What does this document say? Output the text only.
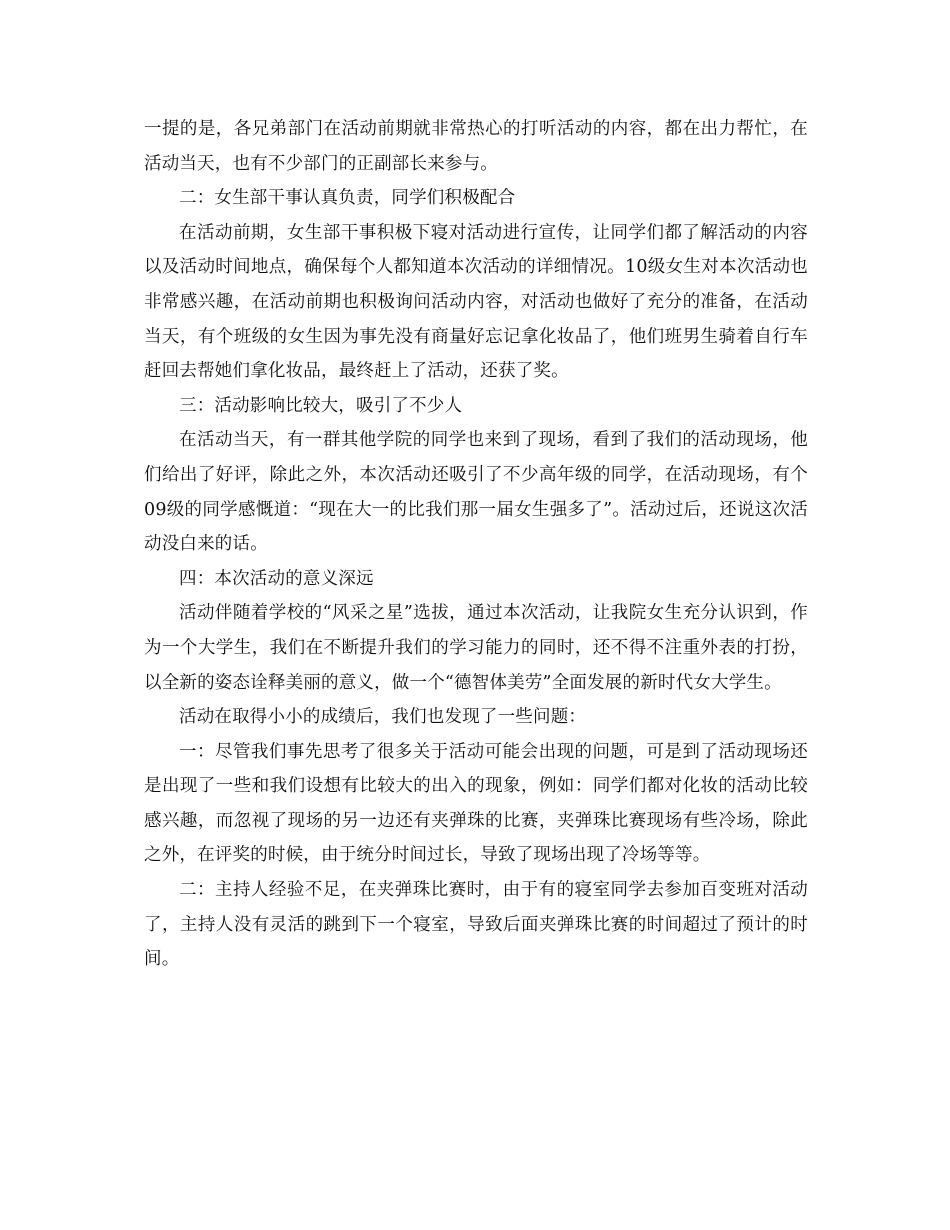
一提的是，各兄弟部门在活动前期就非常热心的打听活动的内容，都在出力帮忙，在活动当天，也有不少部门的正副部长来参与。

二：女生部干事认真负责，同学们积极配合

在活动前期，女生部干事积极下寝对活动进行宣传，让同学们都了解活动的内容以及活动时间地点，确保每个人都知道本次活动的详细情况。10级女生对本次活动也非常感兴趣，在活动前期也积极询问活动内容，对活动也做好了充分的准备，在活动当天，有个班级的女生因为事先没有商量好忘记拿化妆品了，他们班男生骑着自行车赶回去帮她们拿化妆品，最终赶上了活动，还获了奖。

三：活动影响比较大，吸引了不少人

在活动当天，有一群其他学院的同学也来到了现场，看到了我们的活动现场，他们给出了好评，除此之外，本次活动还吸引了不少高年级的同学，在活动现场，有个09级的同学感慨道：“现在大一的比我们那一届女生强多了”。活动过后，还说这次活动没白来的话。

四：本次活动的意义深远

活动伴随着学校的“风采之星”选拔，通过本次活动，让我院女生充分认识到，作为一个大学生，我们在不断提升我们的学习能力的同时，还不得不注重外表的打扮，以全新的姿态诠释美丽的意义，做一个“德智体美劳”全面发展的新时代女大学生。

活动在取得小小的成绩后，我们也发现了一些问题：

一：尽管我们事先思考了很多关于活动可能会出现的问题，可是到了活动现场还是出现了一些和我们设想有比较大的出入的现象，例如：同学们都对化妆的活动比较感兴趣，而忽视了现场的另一边还有夹弹珠的比赛，夹弹珠比赛现场有些冷场，除此之外，在评奖的时候，由于统分时间过长，导致了现场出现了冷场等等。

二：主持人经验不足，在夹弹珠比赛时，由于有的寝室同学去参加百变班对活动了，主持人没有灵活的跳到下一个寝室，导致后面夹弹珠比赛的时间超过了预计的时间。
